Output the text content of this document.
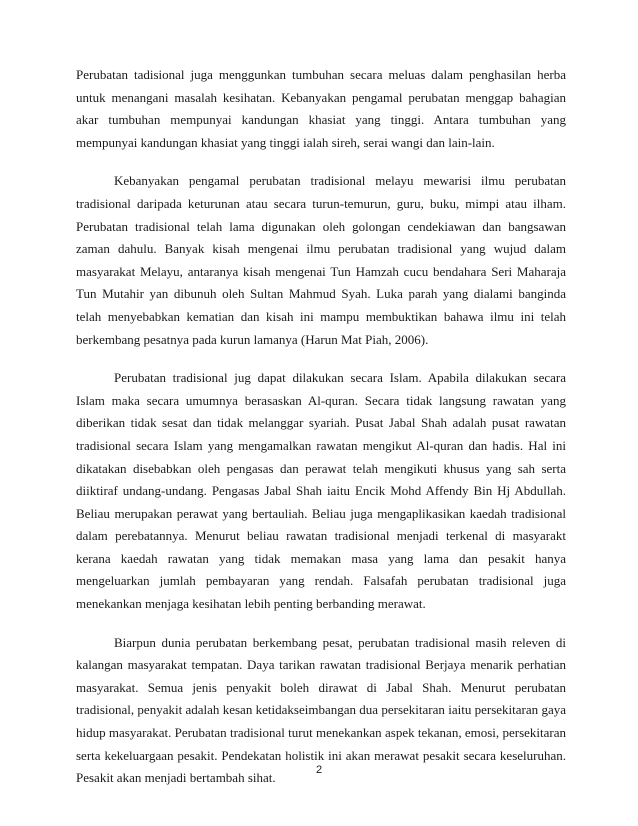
Perubatan tadisional juga menggunkan tumbuhan secara meluas dalam penghasilan herba untuk menangani masalah kesihatan. Kebanyakan pengamal perubatan menggap bahagian akar tumbuhan mempunyai kandungan khasiat yang tinggi. Antara tumbuhan yang mempunyai kandungan khasiat yang tinggi ialah sireh, serai wangi dan lain-lain.

Kebanyakan pengamal perubatan tradisional melayu mewarisi ilmu perubatan tradisional daripada keturunan atau secara turun-temurun, guru, buku, mimpi atau ilham. Perubatan tradisional telah lama digunakan oleh golongan cendekiawan dan bangsawan zaman dahulu. Banyak kisah mengenai ilmu perubatan tradisional yang wujud dalam masyarakat Melayu, antaranya kisah mengenai Tun Hamzah cucu bendahara Seri Maharaja Tun Mutahir yan dibunuh oleh Sultan Mahmud Syah. Luka parah yang dialami banginda telah menyebabkan kematian dan kisah ini mampu membuktikan bahawa ilmu ini telah berkembang pesatnya pada kurun lamanya (Harun Mat Piah, 2006).

Perubatan tradisional jug dapat dilakukan secara Islam. Apabila dilakukan secara Islam maka secara umumnya berasaskan Al-quran. Secara tidak langsung rawatan yang diberikan tidak sesat dan tidak melanggar syariah. Pusat Jabal Shah adalah pusat rawatan tradisional secara Islam yang mengamalkan rawatan mengikut Al-quran dan hadis. Hal ini dikatakan disebabkan oleh pengasas dan perawat telah mengikuti khusus yang sah serta diiktiraf undang-undang. Pengasas Jabal Shah iaitu Encik Mohd Affendy Bin Hj Abdullah. Beliau merupakan perawat yang bertauliah. Beliau juga mengaplikasikan kaedah tradisional dalam perebatannya. Menurut beliau rawatan tradisional menjadi terkenal di masyarakt kerana kaedah rawatan yang tidak memakan masa yang lama dan pesakit hanya mengeluarkan jumlah pembayaran yang rendah. Falsafah perubatan tradisional juga menekankan menjaga kesihatan lebih penting berbanding merawat.

Biarpun dunia perubatan berkembang pesat, perubatan tradisional masih releven di kalangan masyarakat tempatan. Daya tarikan rawatan tradisional Berjaya menarik perhatian masyarakat. Semua jenis penyakit boleh dirawat di Jabal Shah. Menurut perubatan tradisional, penyakit adalah kesan ketidakseimbangan dua persekitaran iaitu persekitaran gaya hidup masyarakat. Perubatan tradisional turut menekankan aspek tekanan, emosi, persekitaran serta kekeluargaan pesakit. Pendekatan holistik ini akan merawat pesakit secara keseluruhan. Pesakit akan menjadi bertambah sihat.

2
